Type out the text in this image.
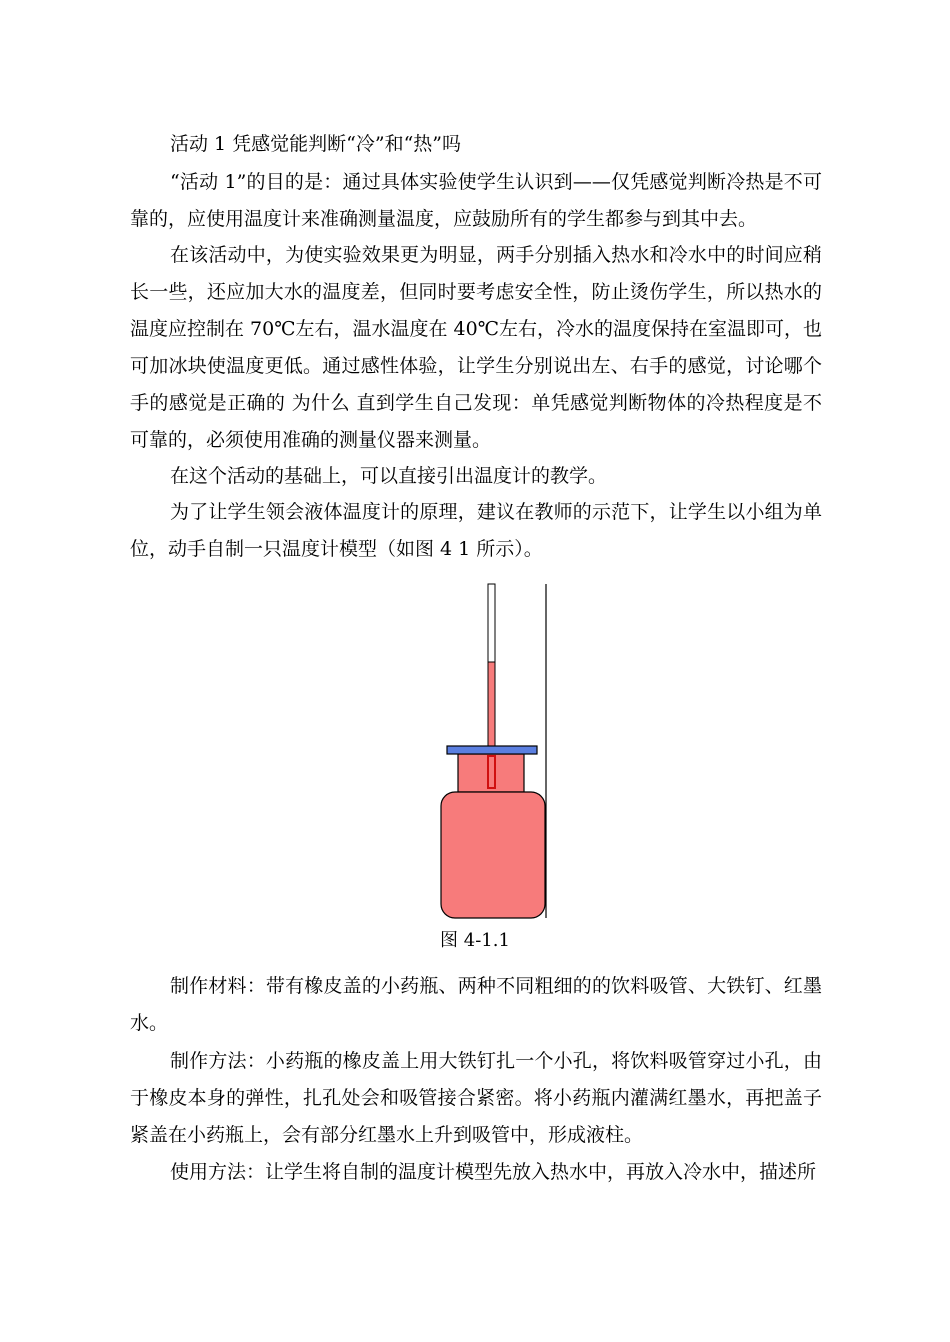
活动 1 凭感觉能判断“冷”和“热”吗

“活动 1”的目的是：通过具体实验使学生认识到——仅凭感觉判断冷热是不可靠的，应使用温度计来准确测量温度，应鼓励所有的学生都参与到其中去。

在该活动中，为使实验效果更为明显，两手分别插入热水和冷水中的时间应稍长一些，还应加大水的温度差，但同时要考虑安全性，防止烫伤学生，所以热水的温度应控制在 70℃左右，温水温度在 40℃左右，冷水的温度保持在室温即可，也可加冰块使温度更低。通过感性体验，让学生分别说出左、右手的感觉，讨论哪个手的感觉是正确的 为什么 直到学生自己发现：单凭感觉判断物体的冷热程度是不可靠的，必须使用准确的测量仪器来测量。

在这个活动的基础上，可以直接引出温度计的教学。

为了让学生领会液体温度计的原理，建议在教师的示范下，让学生以小组为单位，动手自制一只温度计模型（如图 4 1 所示）。

图 4-1.1

制作材料：带有橡皮盖的小药瓶、两种不同粗细的的饮料吸管、大铁钉、红墨水。

制作方法：小药瓶的橡皮盖上用大铁钉扎一个小孔，将饮料吸管穿过小孔，由于橡皮本身的弹性，扎孔处会和吸管接合紧密。将小药瓶内灌满红墨水，再把盖子紧盖在小药瓶上，会有部分红墨水上升到吸管中，形成液柱。

使用方法：让学生将自制的温度计模型先放入热水中，再放入冷水中，描述所
